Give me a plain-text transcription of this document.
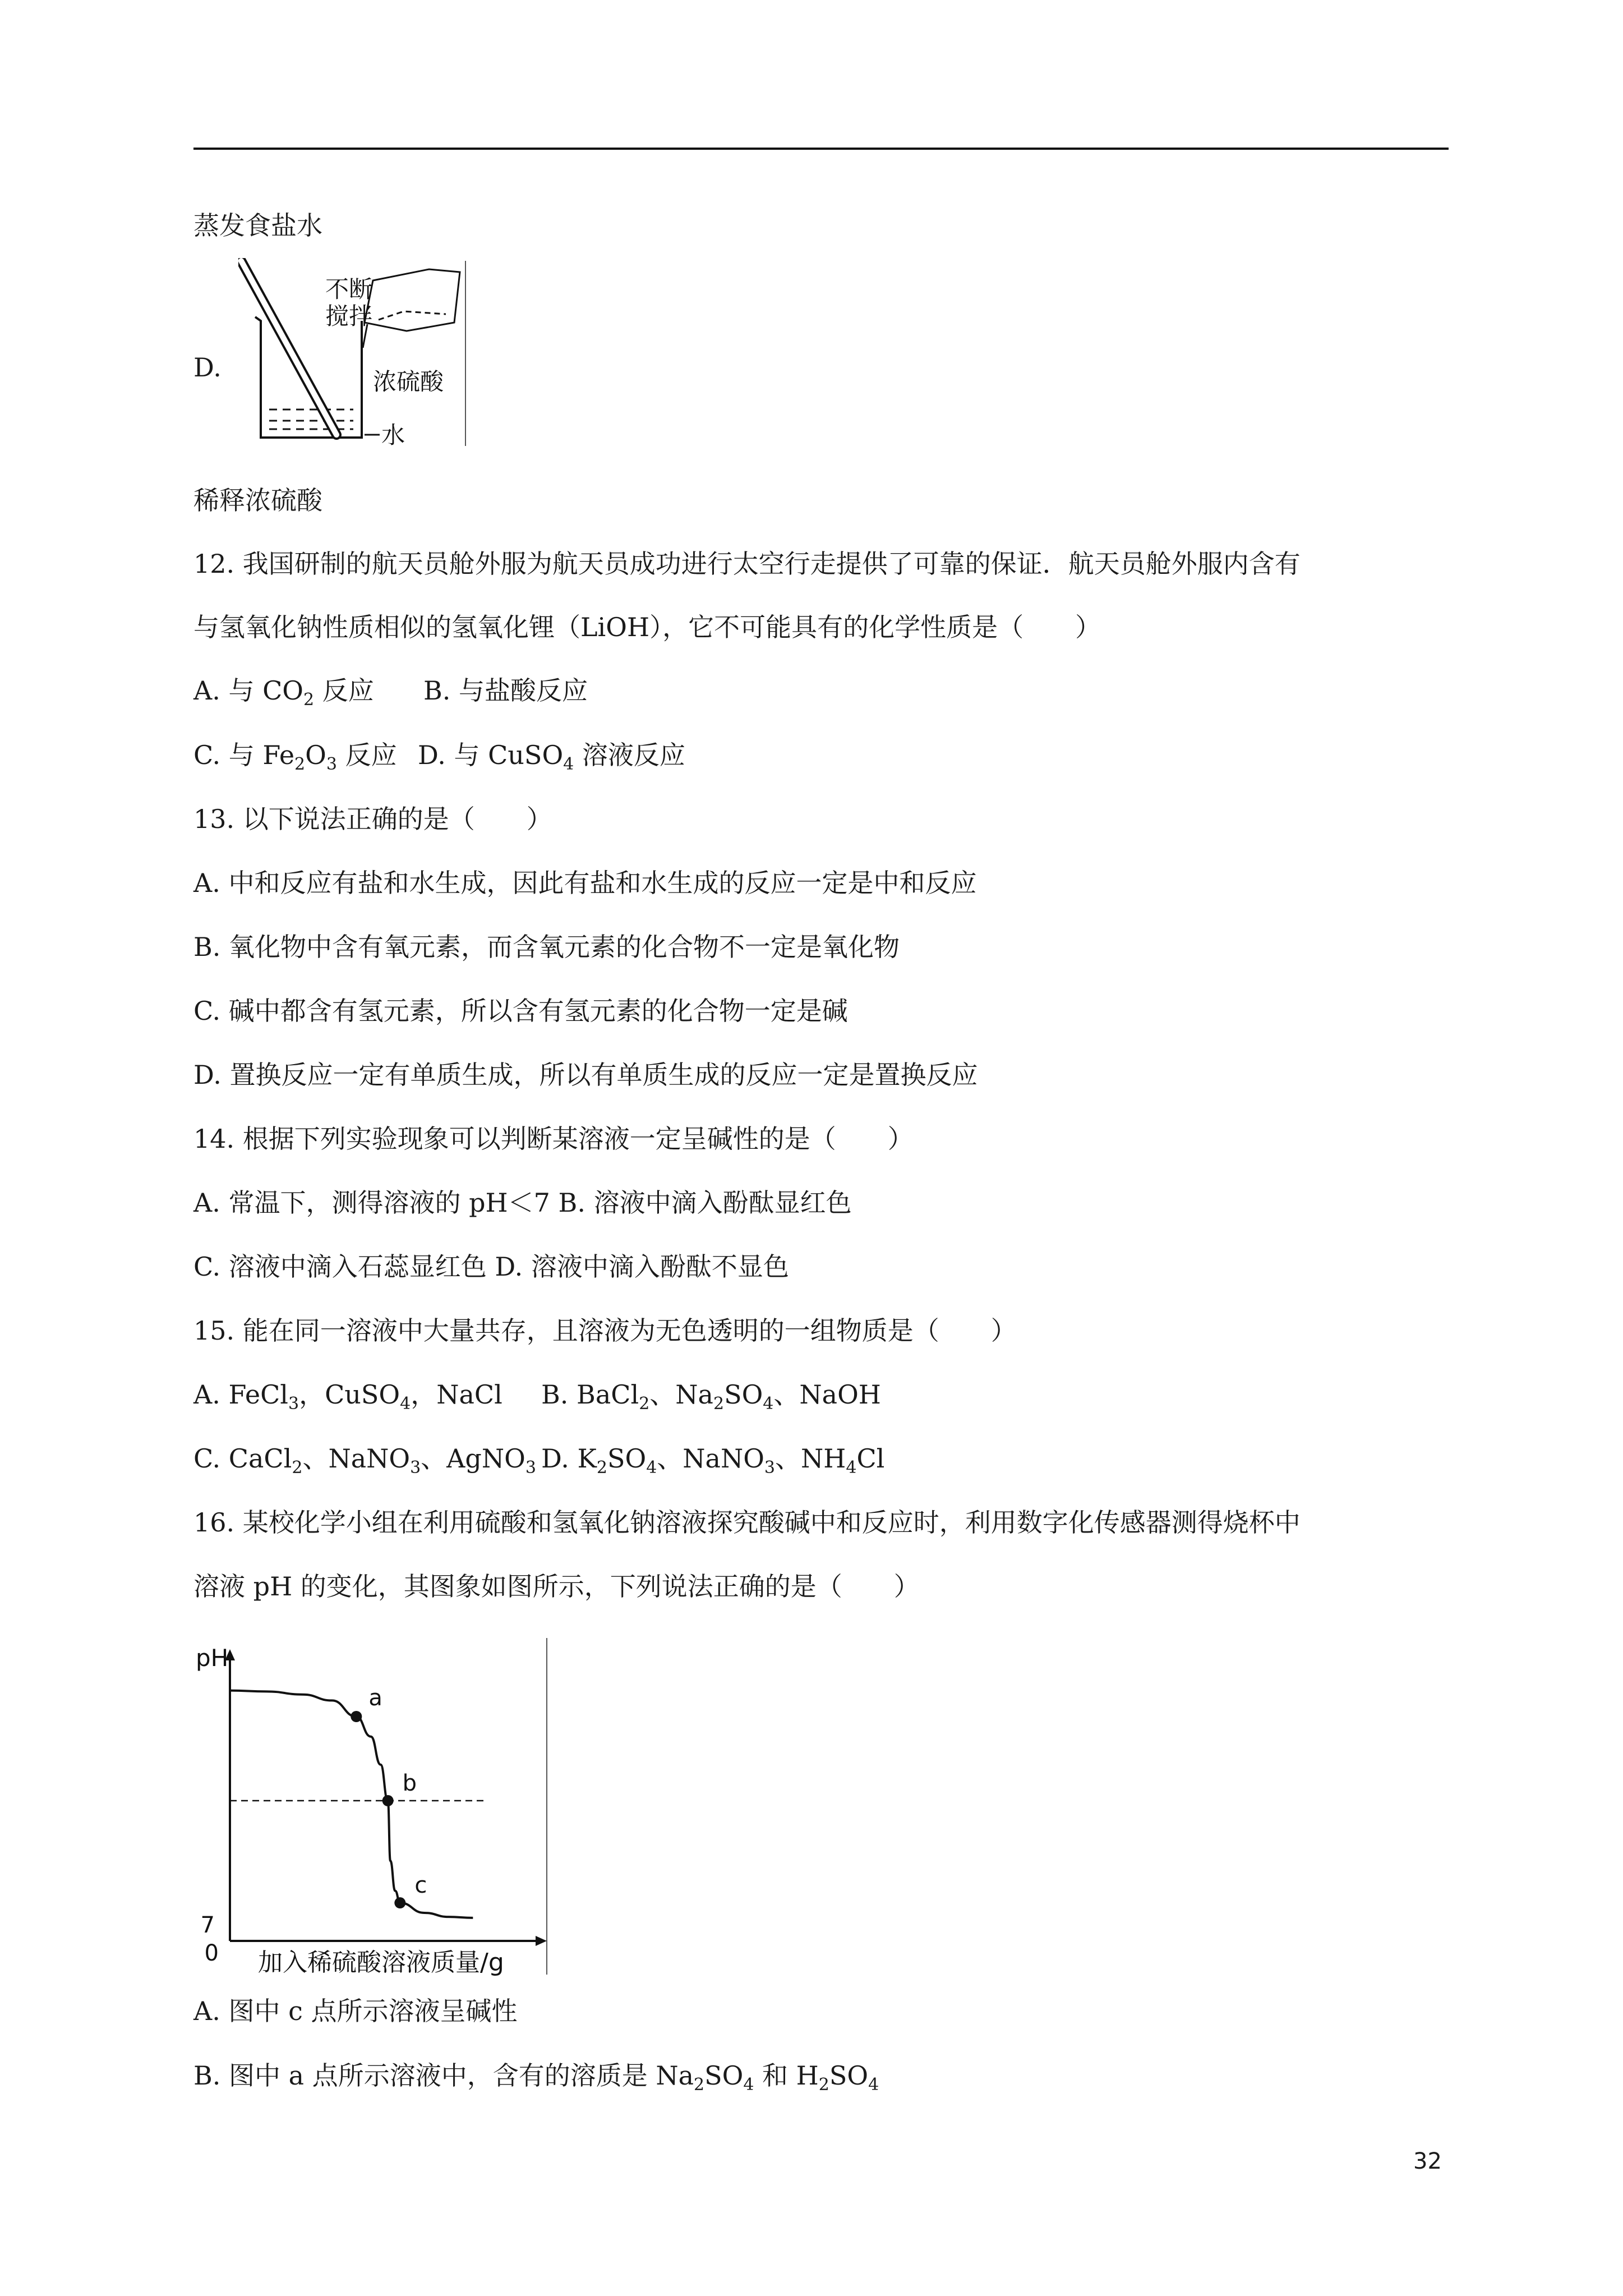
蒸发食盐水
D.
不断
搅拌
浓硫酸
水
稀释浓硫酸
12. 我国研制的航天员舱外服为航天员成功进行太空行走提供了可靠的保证．航天员舱外服内含有
与氢氧化钠性质相似的氢氧化锂（LiOH），它不可能具有的化学性质是（　　）
A. 与 $CO_2$ 反应 B. 与盐酸反应
C. 与 $Fe_2O_3$ 反应 D. 与 CuSO$_4$ 溶液反应
13. 以下说法正确的是（　　）
A. 中和反应有盐和水生成，因此有盐和水生成的反应一定是中和反应
B. 氧化物中含有氧元素，而含氧元素的化合物不一定是氧化物
C. 碱中都含有氢元素，所以含有氢元素的化合物一定是碱
D. 置换反应一定有单质生成，所以有单质生成的反应一定是置换反应
14. 根据下列实验现象可以判断某溶液一定呈碱性的是（　　）
A. 常温下，测得溶液的 pH＜7 B. 溶液中滴入酚酞显红色
C. 溶液中滴入石蕊显红色 D. 溶液中滴入酚酞不显色
15. 能在同一溶液中大量共存，且溶液为无色透明的一组物质是（　　）
A. FeCl$_3$，CuSO$_4$，NaCl B. BaCl$_2$、$Na_2SO_4$、NaOH
C. CaCl$_2$、NaNO$_3$、AgNO$_3$ D. $K_2SO_4$、NaNO$_3$、$NH_4Cl$
16. 某校化学小组在利用硫酸和氢氧化钠溶液探究酸碱中和反应时，利用数字化传感器测得烧杯中
溶液 pH 的变化，其图象如图所示，下列说法正确的是（　　）
a
b
c
pH
7
0 加入稀硫酸溶液质量/g
A. 图中 c 点所示溶液呈碱性
B. 图中 a 点所示溶液中，含有的溶质是 $Na_2SO_4$ 和 $H_2SO_4$
32
